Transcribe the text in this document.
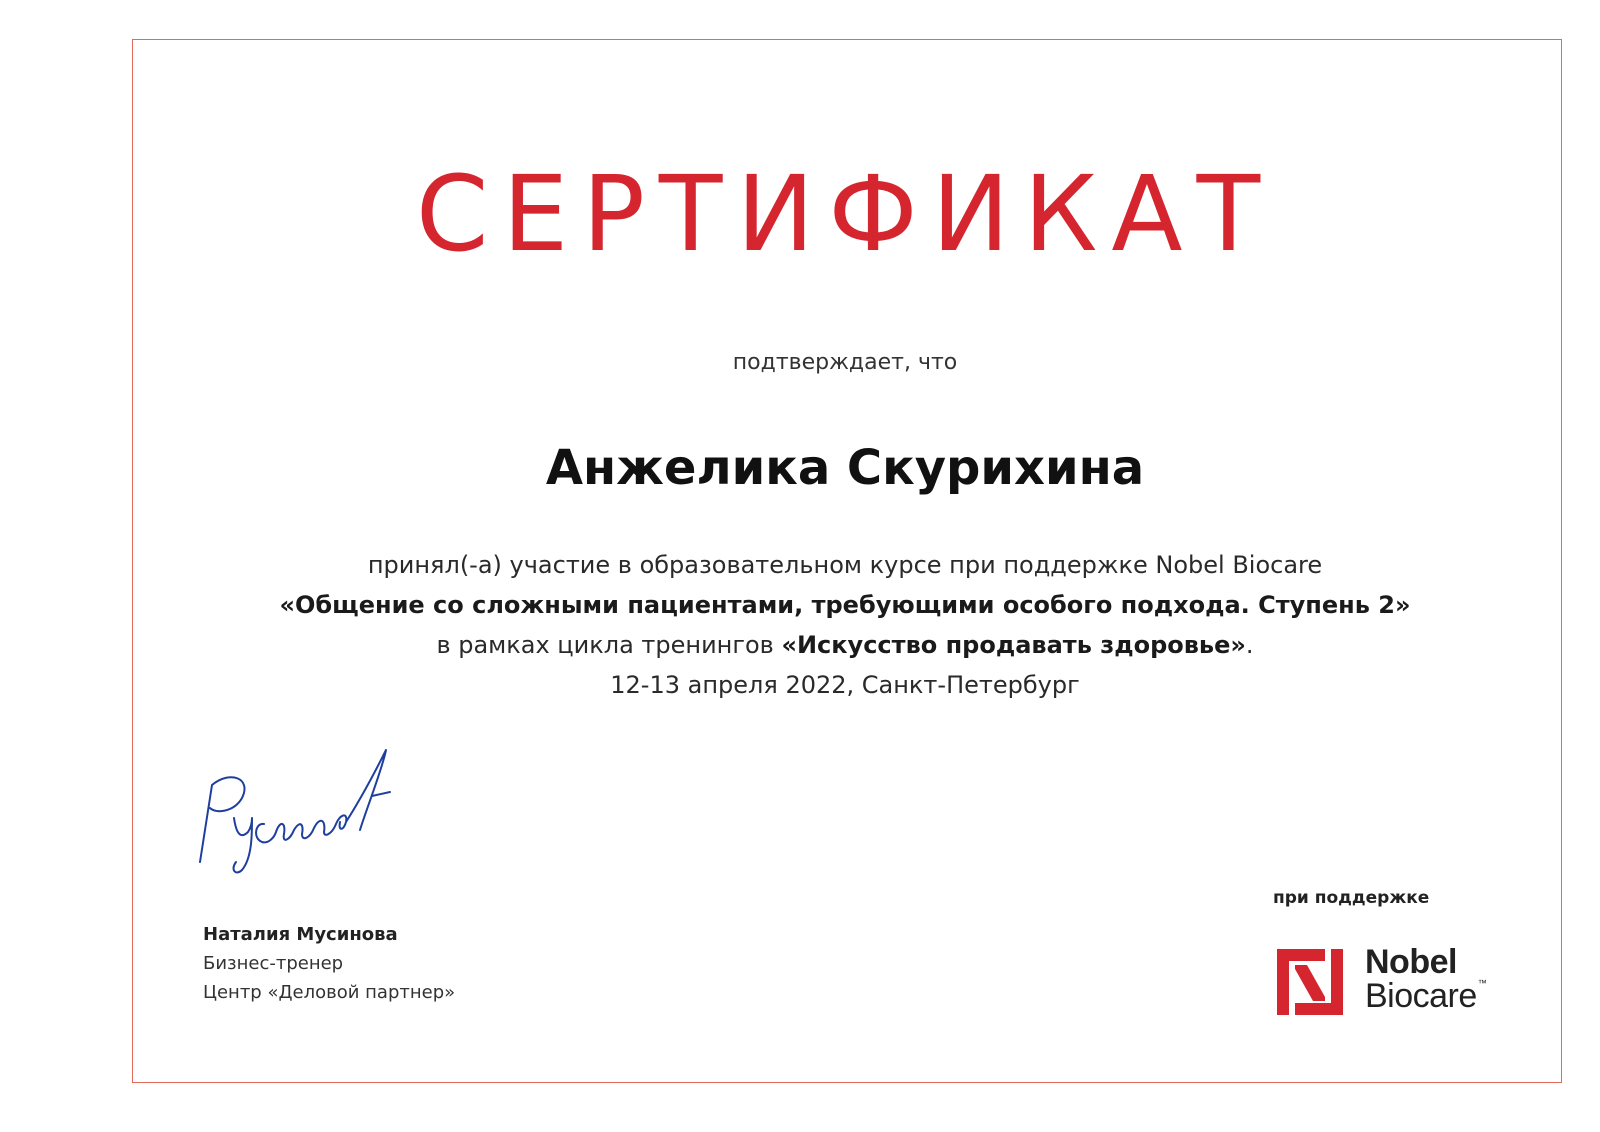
СЕРТИФИКАТ
подтверждает, что
Анжелика Скурихина
принял(-а) участие в образовательном курсе при поддержке Nobel Biocare
«Общение со сложными пациентами, требующими особого подхода. Ступень 2»
в рамках цикла тренингов «Искусство продавать здоровье».
12-13 апреля 2022, Санкт-Петербург
Наталия Мусинова
Бизнес-тренер
Центр «Деловой партнер»
при поддержке
Nobel
Biocare™
